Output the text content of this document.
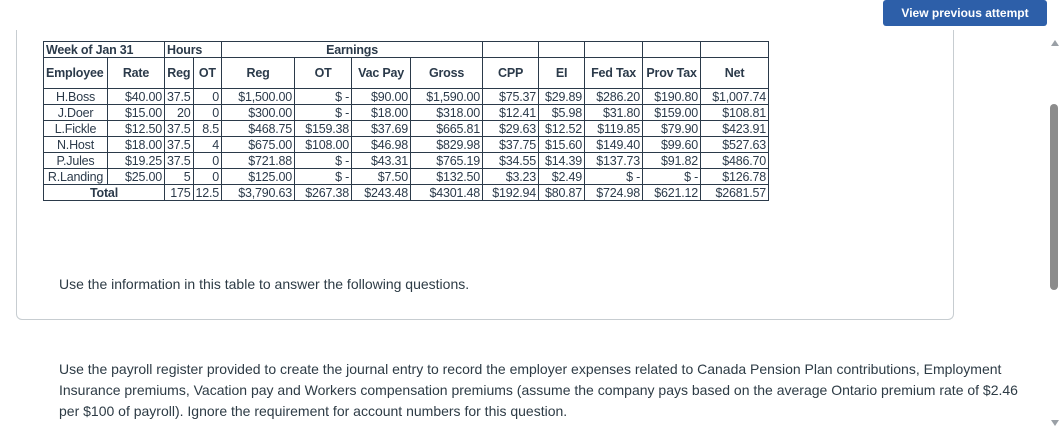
View previous attempt
Week of Jan 31		Hours		Earnings								
Employee	Rate	Reg	OT	Reg	OT	Vac Pay	Gross	CPP	EI	Fed Tax	Prov Tax	Net
H.Boss	$40.00	37.5	0	$1,500.00	$ -	$90.00	$1,590.00	$75.37	$29.89	$286.20	$190.80	$1,007.74
J.Doer	$15.00	20	0	$300.00	$ -	$18.00	$318.00	$12.41	$5.98	$31.80	$159.00	$108.81
L.Fickle	$12.50	37.5	8.5	$468.75	$159.38	$37.69	$665.81	$29.63	$12.52	$119.85	$79.90	$423.91
N.Host	$18.00	37.5	4	$675.00	$108.00	$46.98	$829.98	$37.75	$15.60	$149.40	$99.60	$527.63
P.Jules	$19.25	37.5	0	$721.88	$ -	$43.31	$765.19	$34.55	$14.39	$137.73	$91.82	$486.70
R.Landing	$25.00	5	0	$125.00	$ -	$7.50	$132.50	$3.23	$2.49	$ -	$ -	$126.78
Total		175	12.5	$3,790.63	$267.38	$243.48	$4301.48	$192.94	$80.87	$724.98	$621.12	$2681.57
Use the information in this table to answer the following questions.
Use the payroll register provided to create the journal entry to record the employer expenses related to Canada Pension Plan contributions, Employment Insurance premiums, Vacation pay and Workers compensation premiums (assume the company pays based on the average Ontario premium rate of $2.46 per $100 of payroll). Ignore the requirement for account numbers for this question.
